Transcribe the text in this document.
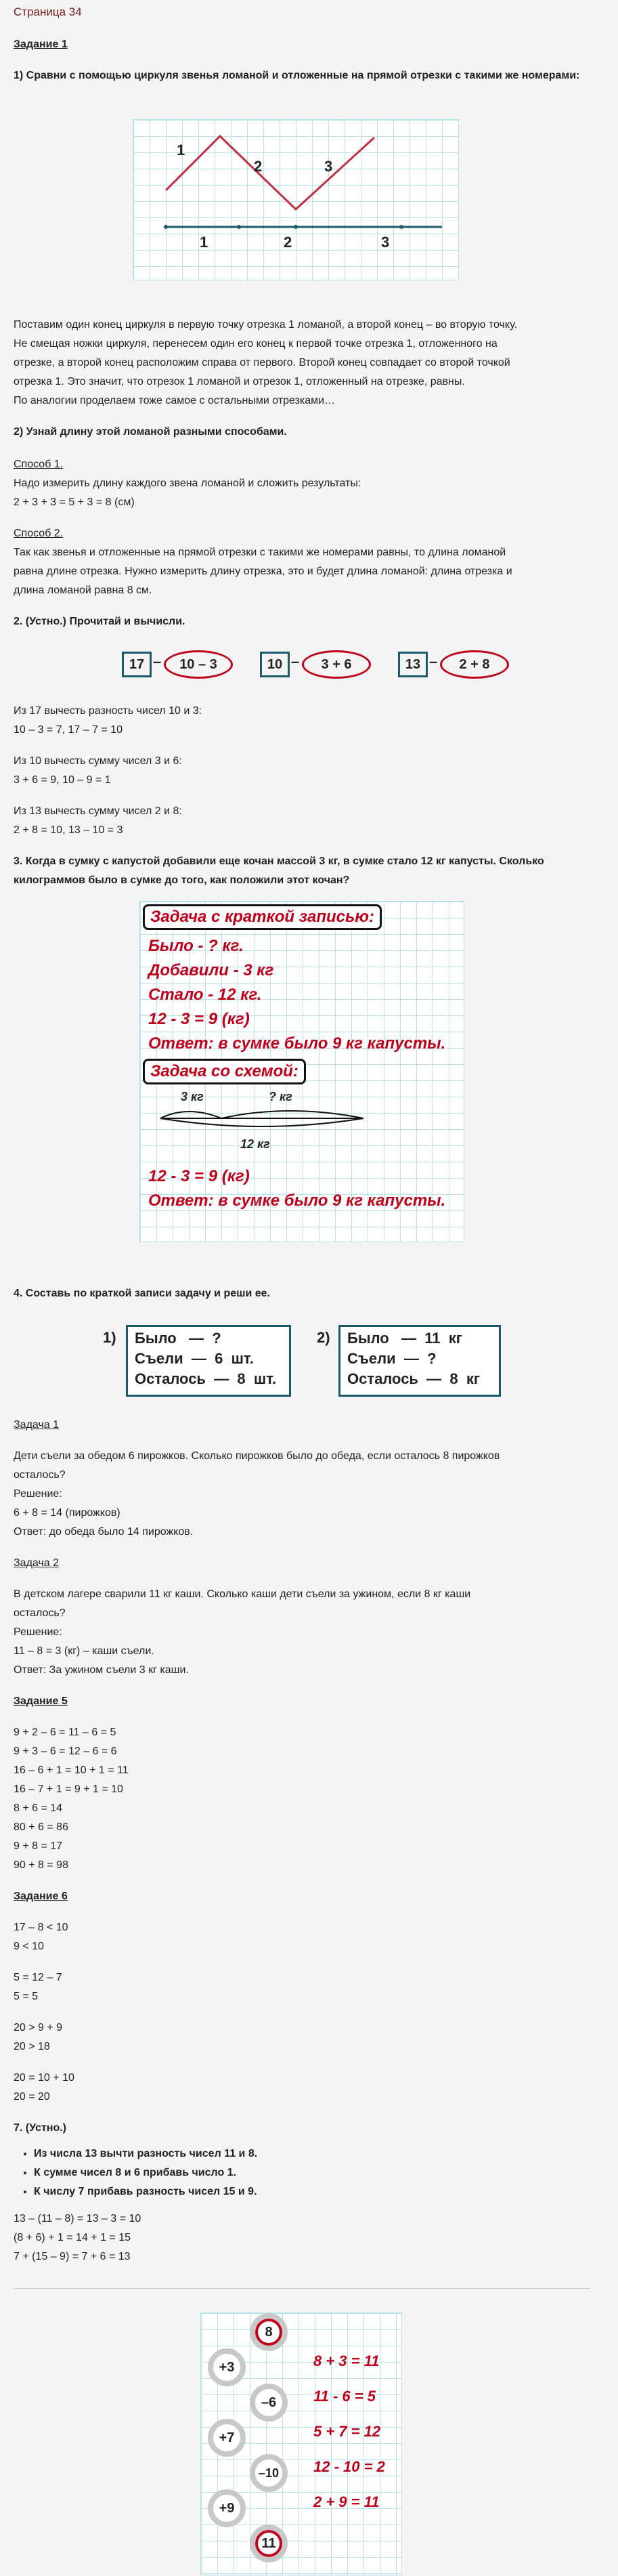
Страница 34
Задание 1
1) Сравни с помощью циркуля звенья ломаной и отложенные на прямой отрезки с такими же номерами:
1
2	3
1	2	3
Поставим один конец циркуля в первую точку отрезка 1 ломаной, а второй конец – во вторую точку.
Не смещая ножки циркуля, перенесем один его конец к первой точке отрезка 1, отложенного на
отрезке, а второй конец расположим справа от первого. Второй конец совпадает со второй точкой
отрезка 1. Это значит, что отрезок 1 ломаной и отрезок 1, отложенный на отрезке, равны.
По аналогии проделаем тоже самое с остальными отрезками…
2) Узнай длину этой ломаной разными способами.
Способ 1.
Надо измерить длину каждого звена ломаной и сложить результаты:
2 + 3 + 3 = 5 + 3 = 8 (см)
Способ 2.
Так как звенья и отложенные на прямой отрезки с такими же номерами равны, то длина ломаной
равна длине отрезка. Нужно измерить длину отрезка, это и будет длина ломаной: длина отрезка и
длина ломаной равна 8 см.
2. (Устно.) Прочитай и вычисли.
17 –	10 – 3	10 –	3 + 6	13 –	2 + 8
Из 17 вычесть разность чисел 10 и 3:
10 – 3 = 7, 17 – 7 = 10
Из 10 вычесть сумму чисел 3 и 6:
3 + 6 = 9, 10 – 9 = 1
Из 13 вычесть сумму чисел 2 и 8:
2 + 8 = 10, 13 – 10 = 3
3. Когда в сумку с капустой добавили еще кочан массой 3 кг, в сумке стало 12 кг капусты. Сколько килограммов было в сумке до того, как положили этот кочан?
Задача с краткой записью:
Было - ? кг.
Добавили - 3 кг
Стало - 12 кг.
12 - 3 = 9 (кг)
Ответ: в сумке было 9 кг капусты.
Задача со схемой:
3 кг	? кг
12 кг
12 - 3 = 9 (кг)
Ответ: в сумке было 9 кг капусты.
4. Составь по краткой записи задачу и реши ее.
1) Было   —  ?
Съели  —  6  шт.
Осталось  —  8  шт.
2) Было   —  11  кг
Съели  —  ?
Осталось  —  8  кг
Задача 1
Дети съели за обедом 6 пирожков. Сколько пирожков было до обеда, если осталось 8 пирожков
осталось?
Решение:
6 + 8 = 14 (пирожков)
Ответ: до обеда было 14 пирожков.
Задача 2
В детском лагере сварили 11 кг каши. Сколько каши дети съели за ужином, если 8 кг каши
осталось?
Решение:
11 – 8 = 3 (кг) – каши съели.
Ответ: За ужином съели 3 кг каши.
Задание 5
9 + 2 – 6 = 11 – 6 = 5
9 + 3 – 6 = 12 – 6 = 6
16 – 6 + 1 = 10 + 1 = 11
16 – 7 + 1 = 9 + 1 = 10
8 + 6 = 14
80 + 6 = 86
9 + 8 = 17
90 + 8 = 98
Задание 6
17 – 8 < 10
9 < 10
5 = 12 – 7
5 = 5
20 > 9 + 9
20 > 18
20 = 10 + 10
20 = 20
7. (Устно.)
• Из числа 13 вычти разность чисел 11 и 8.
• К сумме чисел 8 и 6 прибавь число 1.
• К числу 7 прибавь разность чисел 15 и 9.
13 – (11 – 8) = 13 – 3 = 10
(8 + 6) + 1 = 14 + 1 = 15
7 + (15 – 9) = 7 + 6 = 13
8
+3
–6
+7
–10
+9
11
8 + 3 = 11
11 - 6 = 5
5 + 7 = 12
12 - 10 = 2
2 + 9 = 11
